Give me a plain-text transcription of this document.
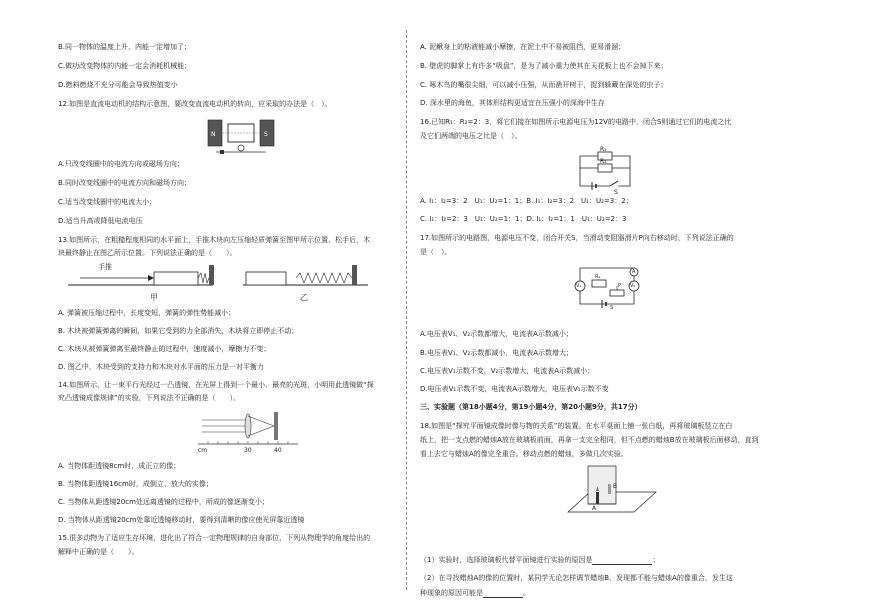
B.同一物体的温度上升，内能一定增加了；
C.做功改变物体的内能一定会消耗机械能；
D.燃料燃烧不充分可能会导致热值变小
12.如图是直流电动机的结构示意图，要改变直流电动机的转向，应采取的办法是（　）。
N	S
A.只改变线圈中的电流方向或磁场方向；
B.同时改变线圈中的电流方向和磁场方向；
C.适当改变线圈中的电流大小；
D.适当升高或降低电流电压
13.如图所示，在粗糙程度相同的水平面上，手推木块向左压缩轻质弹簧至图甲所示位置，松手后，木
块最终静止在图乙所示位置。下列说法正确的是（　　）。
手推
甲	乙
A. 弹簧被压缩过程中，长度变短，弹簧的弹性势能减小；
B. 木块被弹簧弹离的瞬间，如果它受到的力全部消失，木块将立即停止不动；
C. 木块从被弹簧弹离至最终静止的过程中，速度减小，摩擦力不变；
D. 图乙中，木块受到的支持力和木块对水平面的压力是一对平衡力
14.如图所示，让一束平行光经过一凸透镜，在光屏上得到一个最小、最亮的光斑，小明用此透镜做“探
究凸透镜成像规律”的实验，下列说法不正确的是（　　）。
cm	30	40
A. 当物体距透镜8cm时，成正立的像；
B. 当物体距透镜16cm时，成倒立、放大的实像；
C. 当物体从距透镜20cm处远离透镜的过程中，所成的像逐渐变小；
D. 当物体从距透镜20cm处靠近透镜移动时，要得到清晰的像应使光屏靠近透镜
15.很多动物为了适应生存环境，进化出了符合一定物理规律的自身部位，下列从物理学的角度给出的
解释中正确的是（　　）。
A. 泥鳅身上的粘液能减小摩擦，在泥土中不易被阻挡，更易滑溜；
B. 壁虎的脚掌上有许多“吸盘”，是为了减小重力使其在天花板上也不会掉下来；
C. 啄木鸟的嘴很尖细，可以减小压强，从而凿开树干，捉到躲藏在深处的虫子；
D. 深水里的海鱼，其体形结构更适宜在压强小的深海中生存
16.已知R₁：R₂=2：3，将它们接在如图所示电源电压为12V的电路中，闭合S则通过它们的电流之比
及它们两端的电压之比是（　）。
R₁
R₂
S
A. I₁：I₂=3：2　U₁：U₂=1：1；B. I₁：I₂=3：2　U₁：U₂=3：2；
C. I₁：I₂=2：3　U₁：U₂=1：1；D. I₁：I₂=1：1　U₁：U₂=2：3
17.如图所示的电路图，电源电压不变，闭合开关S，当滑动变阻器滑片P向右移动时，下列说法正确的
是（　）。
V₁	V₂
A
R₁
P
S
A.电压表V₁、V₂示数都增大，电流表A示数减小；
B.电压表V₁、V₂示数都减小，电流表A示数增大；
C.电压表V₁示数不变，V₂示数增大，电流表A示数减小；
D.电压表V₁示数不变，电流表A示数增大，电压表V₁示数不变
三、实验题（第18小题4分，第19小题4分，第20小题9分，共17分）
18.如图是“探究平面镜成像时像与物的关系”的装置。在水平桌面上铺一张白纸，再将玻璃板竖立在白
纸上，把一支点燃的蜡烛A放在玻璃板前面，再拿一支完全相同，但不点燃的蜡烛B放在玻璃板后面移动，直到
看上去它与蜡烛A的像完全重合。移动点燃的蜡烛，多做几次实验。
A
B
（1）实验时，选择玻璃板代替平面镜进行实验的原因是	；
（2）在寻找蜡烛A的像的位置时，某同学无论怎样调节蜡烛B，发现都不能与蜡烛A的像重合，发生这
种现象的原因可能是	。
